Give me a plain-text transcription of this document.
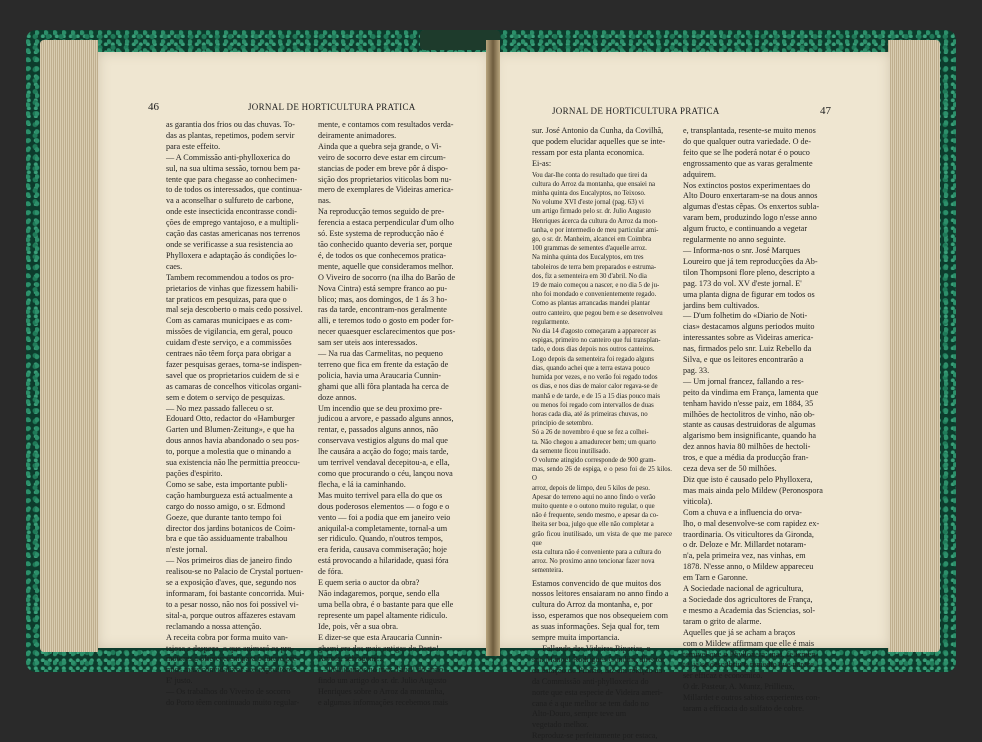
46	JORNAL DE HORTICULTURA PRATICA	JORNAL DE HORTICULTURA PRATICA	47

as garantia dos frios ou das chuvas. To-

das as plantas, repetimos, podem servir

para este effeito.

— A Commissão anti-phylloxerica do

sul, na sua ultima sessão, tornou bem pa-

tente que para chegasse ao conhecimen-

to de todos os interessados, que continua-

va a aconselhar o sulfureto de carbone,

onde este insecticida encontrasse condi-

ções de emprego vantajoso, e a multipli-

cação das castas americanas nos terrenos

onde se verificasse a sua resistencia ao

Phylloxera e adaptação ás condições lo-

caes.

Tambem recommendou a todos os pro-

prietarios de vinhas que fizessem habili-

tar praticos em pesquizas, para que o

mal seja descoberto o mais cedo possivel.

Com as camaras municipaes e as com-

missões de vigilancia, em geral, pouco

cuidam d'este serviço, e a commissões

centraes não têem força para obrigar a

fazer pesquisas geraes, torna-se indispen-

savel que os proprietarios cuidem de si e

as camaras de concelhos viticolas organi-

sem e dotem o serviço de pesquizas.

— No mez passado falleceu o sr.

Edouard Otto, redactor do «Hamburger

Garten und Blumen-Zeitung», e que ha

dous annos havia abandonado o seu pos-

to, porque a molestia que o minando a

sua existencia não lhe permittia preoccu-

pações d'espirito.

Como se sabe, esta importante publi-

cação hamburgueza está actualmente a

cargo do nosso amigo, o sr. Edmond

Goeze, que durante tanto tempo foi

director dos jardins botanicos de Coim-

bra e que tão assiduamente trabalhou

n'este jornal.

— Nos primeiros dias de janeiro findo

realisou-se no Palacio de Crystal portuen-

se a exposição d'aves, que, segundo nos

informaram, foi bastante concorrida. Mui-

to a pesar nosso, não nos foi possivel vi-

sital-a, porque outros affazeres estavam

reclamando a nossa attenção.

A receita cobra por forma muito van-

tajosa a despeza, o que animará os pro-

motores a offerecerem para o futuro pre-

mios mais convidativos aos expositores.

E' justo.

— Os trabalhos do Viveiro de socorro

do Porto têem continuado muito regular-

mente, e contamos com resultados verda-

deiramente animadores.

Ainda que a quebra seja grande, o Vi-

veiro de socorro deve estar em circum-

stancias de poder em breve pôr á dispo-

sição dos proprietarios viticolas bom nu-

mero de exemplares de Videiras america-

nas.

Na reproducção temos seguido de pre-

ferencia a estaca perpendicular d'um olho

só. Este systema de reproducção não é

tão conhecido quanto deveria ser, porque

é, de todos os que conhecemos pratica-

mente, aquelle que consideramos melhor.

O Viveiro de socorro (na ilha do Barão de

Nova Cintra) está sempre franco ao pu-

blico; mas, aos domingos, de 1 ás 3 ho-

ras da tarde, encontram-nos geralmente

alli, e teremos todo o gosto em poder for-

necer quaesquer esclarecimentos que pos-

sam ser uteis aos interessados.

— Na rua das Carmelitas, no pequeno

terreno que fica em frente da estação de

policia, havia uma Araucaria Cunnin-

ghami que alli fôra plantada ha cerca de

doze annos.

Um incendio que se deu proximo pre-

judicou a arvore, e passado alguns annos,

rentar, e, passados alguns annos, não

conservava vestigios alguns do mal que

lhe causára a acção do fogo; mais tarde,

um terrivel vendaval decepitou-a, e ella,

como que procurando o céu, lançou nova

flecha, e lá ia caminhando.

Mas muito terrivel para ella do que os

dous poderosos elementos — o fogo e o

vento — foi a podia que em janeiro veio

aniquilal-a completamente, tornal-a um

ser ridiculo. Quando, n'outros tempos,

era ferida, causava commiseração; hoje

está provocando a hilaridade, quasi fóra

de fóra.

E quem seria o auctor da obra?

Não indagaremos, porque, sendo ella

uma bella obra, é o bastante para que elle

represente um papel altamente ridiculo.

Ide, pois, vêr a sua obra.

E dizer-se que esta Araucaria Cunnin-

ghami era das mais antigas do Porto!..

Arvola, selvagens!..

— Publicamos no mez d'abril do anno

findo um artigo do sr. dr. Julio Augusto

Henriques sobre o Arroz da montanha,

e algumas informações recebemos mais

sur. José Antonio da Cunha, da Covilhã,

que podem elucidar aquelles que se inte-

ressam por esta planta economica.

Ei-as:

Vou dar-lhe conta do resultado que tirei da

cultura do Arroz da montanha, que ensaiei na

minha quinta dos Eucalyptos, no Teixoso.

No volume XVI d'este jornal (pag. 63) vi

um artigo firmado pelo sr. dr. Julio Augusto

Henriques ácerca da cultura do Arroz da mon-

tanha, e por intermedio de meu particular ami-

go, o sr. dr. Manheim, alcancei em Coimbra

100 grammas de sementes d'aquelle arroz.

Na minha quinta dos Eucalyptos, em tres

taboleiros de terra bem preparados e estruma-

dos, fiz a sementeira em 30 d'abril. No dia

19 de maio começou a nascer, e no dia 5 de ju-

nho foi mondado e convenientemente regado.

Como as plantas arrancadas mandei plantar

outro canteiro, que pegou bem e se desenvolveu

regularmente.

No dia 14 d'agosto começaram a apparecer as

espigas, primeiro no canteiro que fui transplan-

tado, e dous dias depois nos outros canteiros.

Logo depois da sementeira foi regado alguns

dias, quando achei que a terra estava pouco

humida por vezes, e no verão foi regado todos

os dias, e nos dias de maior calor regava-se de

manhã e de tarde, e de 15 a 15 dias pouco mais

ou menos foi regado com intervallos de duas

horas cada dia, até ás primeiras chuvas, no

principio de setembro.

Só a 26 de novembro é que se fez a colhei-

ta. Não chegou a amadurecer bem; um quarto

da semente ficou inutilisado.

O volume atingido corresponde de 900 gram-

mas, sendo 26 de espiga, e o peso foi de 25 kilos. O

arroz, depois de limpo, deu 5 kilos de peso.

Apesar do terreno aqui no anno findo o verão

muito quente e o outono muito regular, o que

não é frequente, sendo mesmo, e apesar da co-

lheita ser boa, julgo que elle não completar a

grão ficou inutilisado, um vista de que me parece que

esta cultura não é conveniente para a cultura do

arroz. No proximo anno tencionar fazer nova

sementeira.

Estamos convencido de que muitos dos

nossos leitores ensaiaram no anno findo a

cultura do Arroz da montanha, e, por

isso, esperamos que nos obsequeiem com

as suas informações. Seja qual for, tem

sempre muita importancia.

— Fallando das Videiras Riparias, o

snr. Manoel Rodrigues Gondim, director

da estação do Pinhão, diz em relação ao

da Commissão anti-phylloxerica do

norte que esta especie de Videira ameri-

cana é a que melhor se tem dado no

Alto-Douro, sempre teve um

vegetado melhor.

Reproduz-se perfeitamente por estaca,

e, transplantada, resente-se muito menos

do que qualquer outra variedade. O de-

feito que se lhe poderá notar é o pouco

engrossamento que as varas geralmente

adquirem.

Nos extinctos postos experimentaes do

Alto Douro enxertaram-se na dous annos

algumas d'estas cêpas. Os enxertos subla-

varam bem, produzindo logo n'esse anno

algum fructo, e continuando a vegetar

regularmente no anno seguinte.

— Informa-nos o snr. José Marques

Loureiro que já tem reproducções da Ab-

tilon Thompsoni flore pleno, descripto a

pag. 173 do vol. XV d'este jornal. E'

uma planta digna de figurar em todos os

jardins bem cultivados.

— D'um folhetim do «Diario de Noti-

cias» destacamos alguns periodos muito

interessantes sobre as Videiras america-

nas, firmados pelo snr. Luiz Rebello da

Silva, e que os leitores encontrarão a

pag. 33.

— Um jornal francez, fallando a res-

peito da vindima em França, lamenta que

tenham havido n'esse paiz, em 1884, 35

milhões de hectolitros de vinho, não ob-

stante as causas destruidoras de algumas

algarismo bem insignificante, quando ha

dez annos havia 80 milhões de hectoli-

tros, e que a média da producção fran-

ceza deva ser de 50 milhões.

Diz que isto é causado pelo Phylloxera,

mas mais ainda pelo Mildew (Peronospora

viticola).

Com a chuva e a influencia do orva-

lho, o mal desenvolve-se com rapidez ex-

traordinaria. Os viticultores da Gironda,

o dr. Deloze e Mr. Millardet notaram-

n'a, pela primeira vez, nas vinhas, em

1878. N'esse anno, o Mildew appareceu

em Tarn e Garonne.

A Sociedade nacional de agricultura,

a Sociedade dos agricultores de França,

e mesmo a Academia das Sciencias, sol-

taram o grito de alarme.

Aquelles que já se acham a braços

com o Mildew affirmam que elle é mais

temivel que o Phylloxera; mas, felizmen-

te, já se descobriu o remedio que parece

ser efficaz e economico.

O dr. Pasteur, A. Muntz, Prillieux,

Millardet e outros sabios experientes con-

taram a efficacia do sulfato de cobre.
